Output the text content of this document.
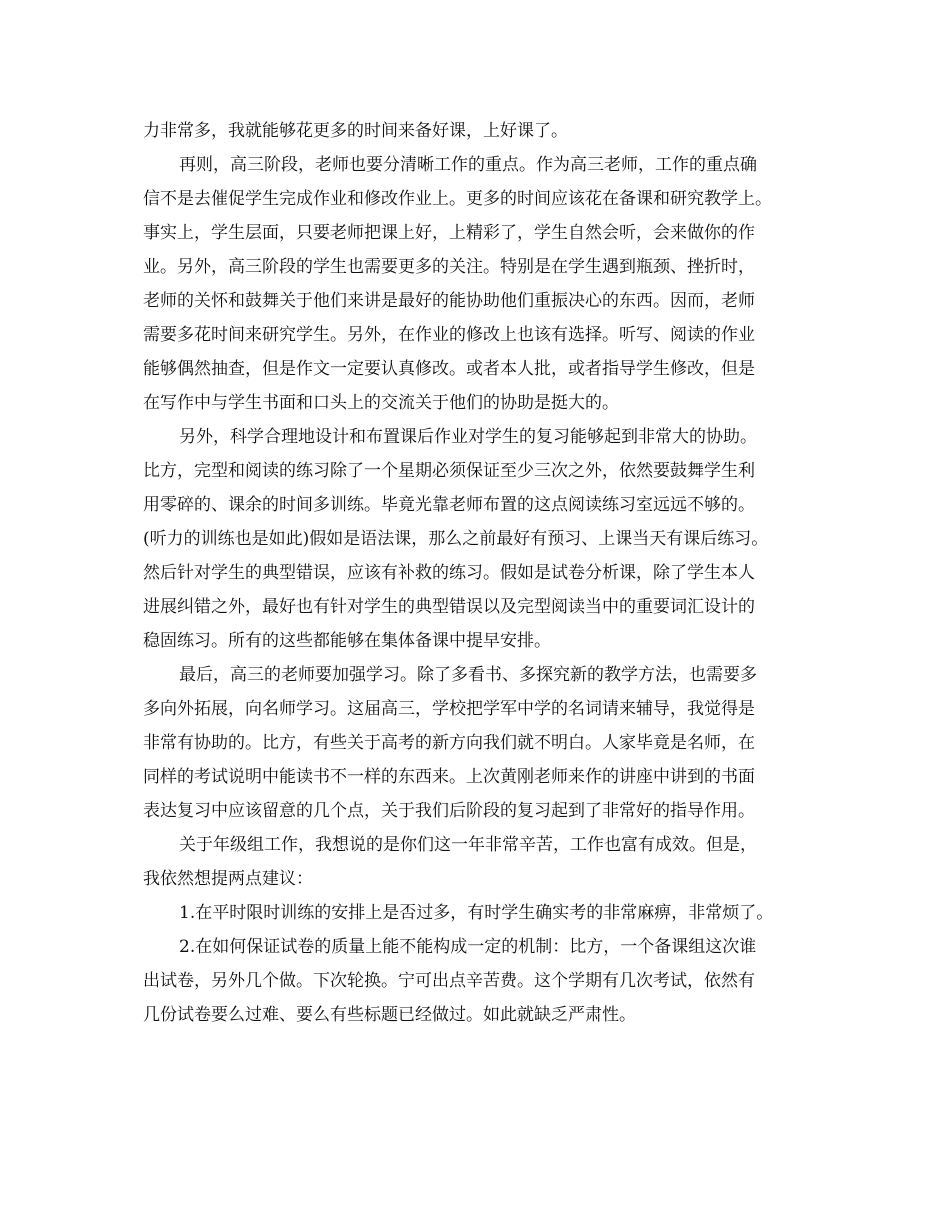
力非常多，我就能够花更多的时间来备好课，上好课了。
再则，高三阶段，老师也要分清晰工作的重点。作为高三老师，工作的重点确
信不是去催促学生完成作业和修改作业上。更多的时间应该花在备课和研究教学上。
事实上，学生层面，只要老师把课上好，上精彩了，学生自然会听，会来做你的作
业。另外，高三阶段的学生也需要更多的关注。特别是在学生遇到瓶颈、挫折时，
老师的关怀和鼓舞关于他们来讲是最好的能协助他们重振决心的东西。因而，老师
需要多花时间来研究学生。另外，在作业的修改上也该有选择。听写、阅读的作业
能够偶然抽查，但是作文一定要认真修改。或者本人批，或者指导学生修改，但是
在写作中与学生书面和口头上的交流关于他们的协助是挺大的。
另外，科学合理地设计和布置课后作业对学生的复习能够起到非常大的协助。
比方，完型和阅读的练习除了一个星期必须保证至少三次之外，依然要鼓舞学生利
用零碎的、课余的时间多训练。毕竟光靠老师布置的这点阅读练习室远远不够的。
(听力的训练也是如此)假如是语法课，那么之前最好有预习、上课当天有课后练习。
然后针对学生的典型错误，应该有补救的练习。假如是试卷分析课，除了学生本人
进展纠错之外，最好也有针对学生的典型错误以及完型阅读当中的重要词汇设计的
稳固练习。所有的这些都能够在集体备课中提早安排。
最后，高三的老师要加强学习。除了多看书、多探究新的教学方法，也需要多
多向外拓展，向名师学习。这届高三，学校把学军中学的名词请来辅导，我觉得是
非常有协助的。比方，有些关于高考的新方向我们就不明白。人家毕竟是名师，在
同样的考试说明中能读书不一样的东西来。上次黄刚老师来作的讲座中讲到的书面
表达复习中应该留意的几个点，关于我们后阶段的复习起到了非常好的指导作用。
关于年级组工作，我想说的是你们这一年非常辛苦，工作也富有成效。但是，
我依然想提两点建议：
1.在平时限时训练的安排上是否过多，有时学生确实考的非常麻痹，非常烦了。
2.在如何保证试卷的质量上能不能构成一定的机制：比方，一个备课组这次谁
出试卷，另外几个做。下次轮换。宁可出点辛苦费。这个学期有几次考试，依然有
几份试卷要么过难、要么有些标题已经做过。如此就缺乏严肃性。
